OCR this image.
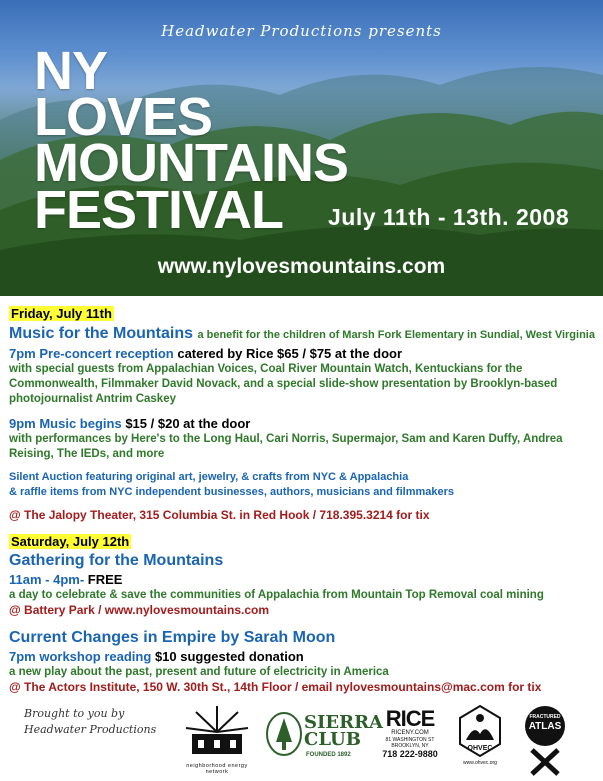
Headwater Productions presents
NY
LOVES
MOUNTAINS
FESTIVAL July 11th - 13th. 2008
www.nylovesmountains.com
Friday, July 11th
Music for the Mountains a benefit for the children of Marsh Fork Elementary in Sundial, West Virginia

7pm Pre-concert reception catered by Rice $65 / $75 at the door

with special guests from Appalachian Voices, Coal River Mountain Watch, Kentuckians for the Commonwealth, Filmmaker David Novack, and a special slide-show presentation by Brooklyn-based photojournalist Antrim Caskey

9pm Music begins $15 / $20 at the door

with performances by Here's to the Long Haul, Cari Norris, Supermajor, Sam and Karen Duffy, Andrea Reising, The IEDs, and more

Silent Auction featuring original art, jewelry, & crafts from NYC & Appalachia

& raffle items from NYC independent businesses, authors, musicians and filmmakers

@ The Jalopy Theater, 315 Columbia St. in Red Hook / 718.395.3214 for tix

Saturday, July 12th
Gathering for the Mountains

11am - 4pm- FREE

a day to celebrate & save the communities of Appalachia from Mountain Top Removal coal mining

@ Battery Park / www.nylovesmountains.com

Current Changes in Empire by Sarah Moon

7pm workshop reading $10 suggested donation

a new play about the past, present and future of electricity in America

@ The Actors Institute, 150 W. 30th St., 14th Floor / email nylovesmountains@mac.com for tix

Brought to you by
Headwater Productions
neighborhood energy network
SIERRA
CLUB
FOUNDED 1892
RICE
RICENY.COM
81 WASHINGTON ST
BROOKLYN, NY
718 222-9880
OHVEC
www.ohvec.org
FRACTURED
ATLAS
